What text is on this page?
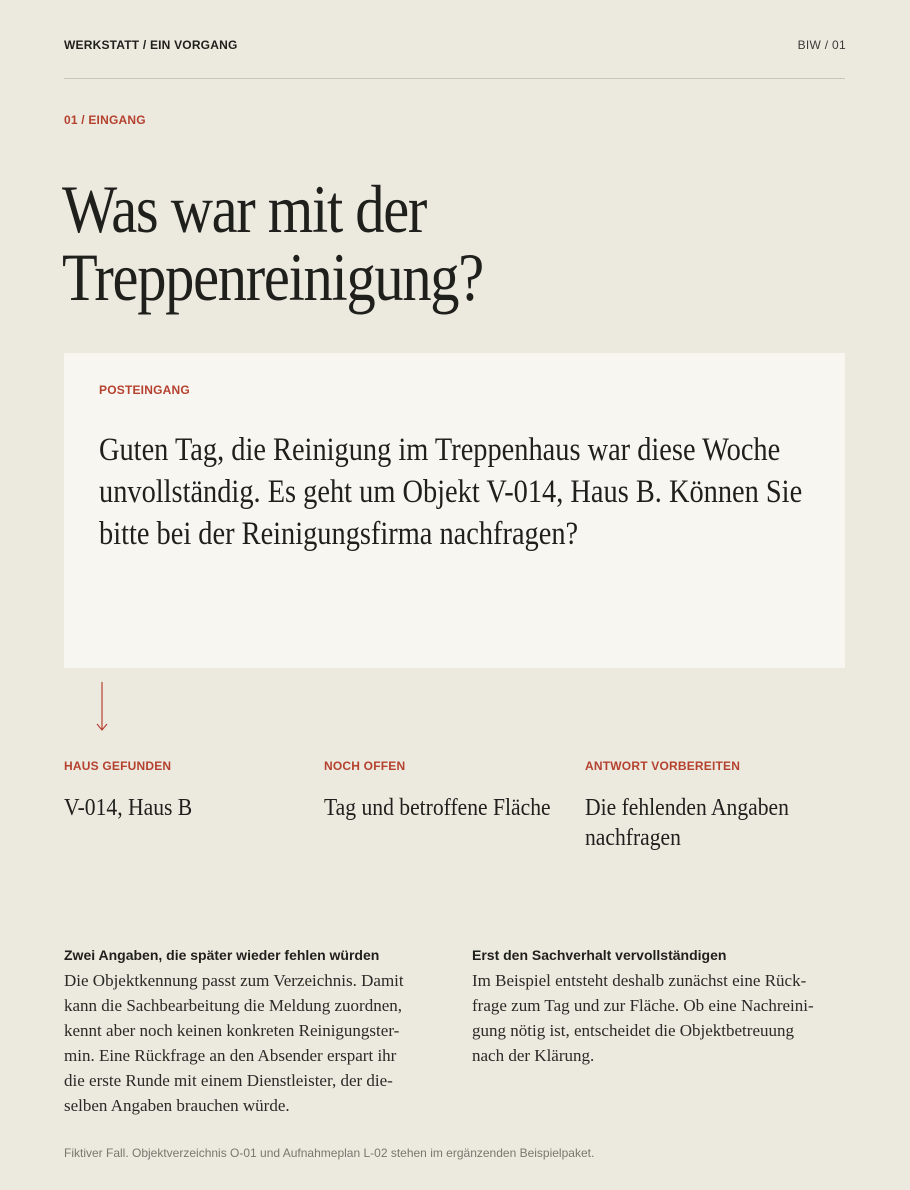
WERKSTATT / EIN VORGANG	BIW / 01
01 / EINGANG
Was war mit der
Treppenreinigung?
POSTEINGANG

Guten Tag, die Reinigung im Treppenhaus war diese Woche
unvollständig. Es geht um Objekt V-014, Haus B. Können Sie
bitte bei der Reinigungsfirma nachfragen?

HAUS GEFUNDEN

V-014, Haus B

NOCH OFFEN

Tag und betroffene Fläche

ANTWORT VORBEREITEN

Die fehlenden Angaben
nachfragen

Zwei Angaben, die später wieder fehlen würden

Die Objektkennung passt zum Verzeichnis. Damit
kann die Sachbearbeitung die Meldung zuordnen,
kennt aber noch keinen konkreten Reinigungster-
min. Eine Rückfrage an den Absender erspart ihr
die erste Runde mit einem Dienstleister, der die-
selben Angaben brauchen würde.

Erst den Sachverhalt vervollständigen

Im Beispiel entsteht deshalb zunächst eine Rück-
frage zum Tag und zur Fläche. Ob eine Nachreini-
gung nötig ist, entscheidet die Objektbetreuung
nach der Klärung.

Fiktiver Fall. Objektverzeichnis O-01 und Aufnahmeplan L-02 stehen im ergänzenden Beispielpaket.
